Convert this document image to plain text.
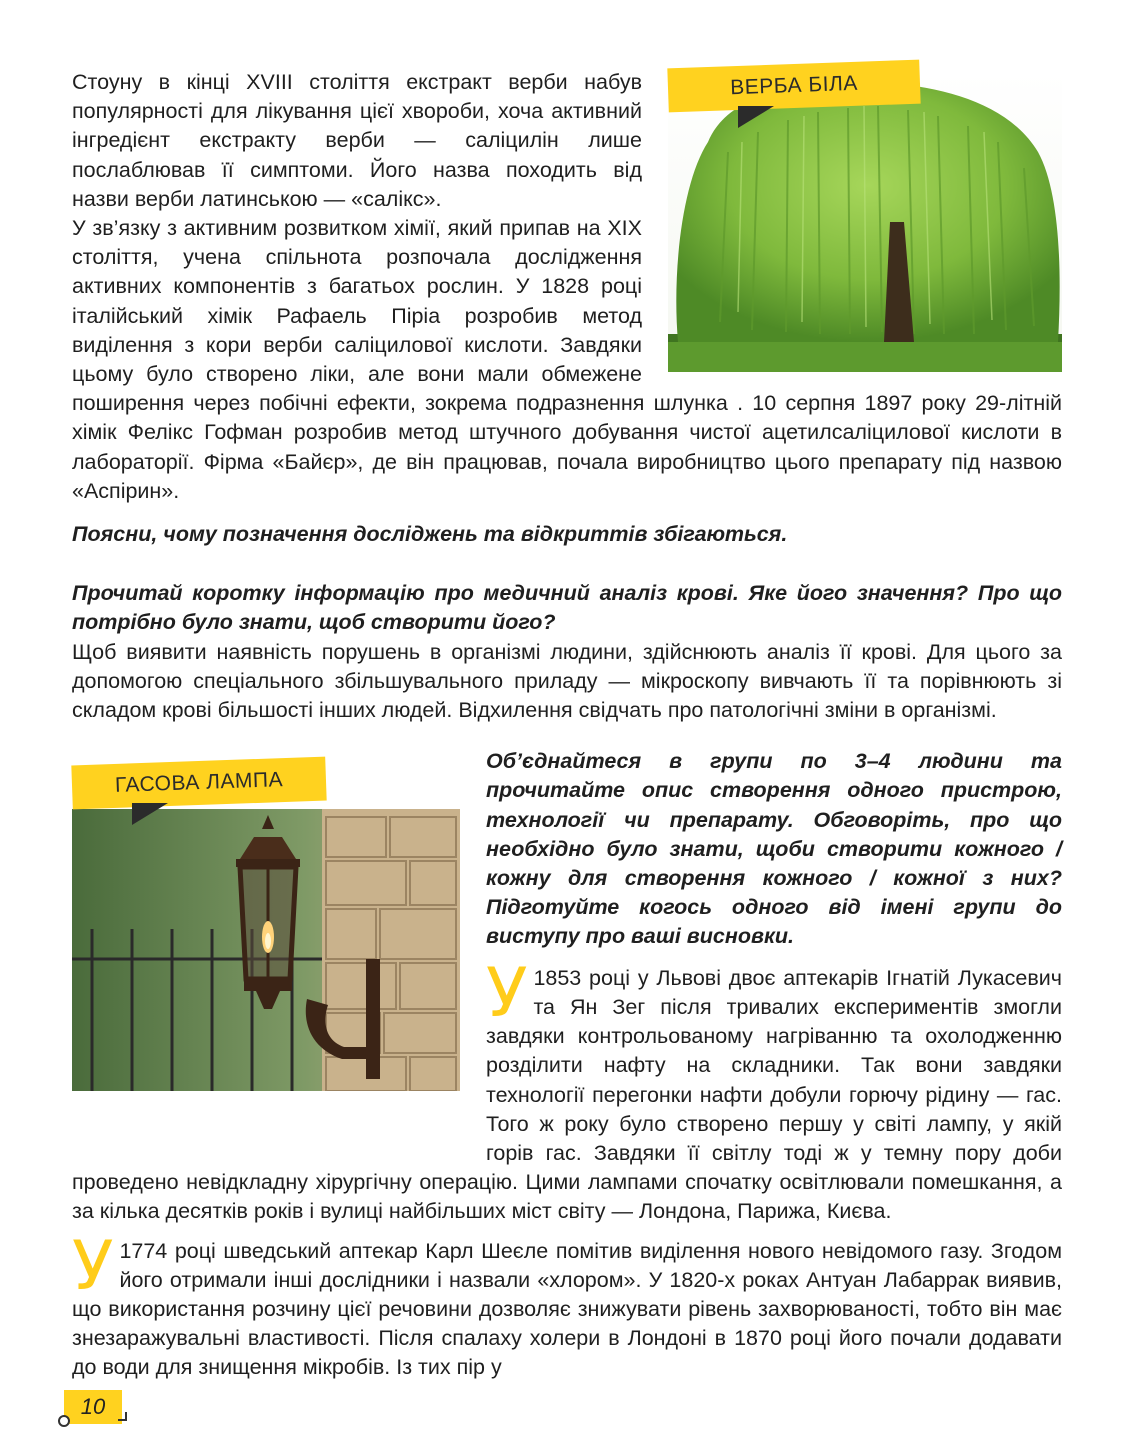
ВЕРБА БІЛА

Стоуну в кінці XVIII століття екстракт верби набув популярності для лікування цієї хвороби, хоча активний інгредієнт екстракту верби — саліцилін лише послаблював її симптоми. Його назва походить від назви верби латинською — «салікс».

У зв’язку з активним розвитком хімії, який припав на XIX століття, учена спільнота розпочала дослідження активних компонентів з багатьох рослин. У 1828 році італійський хімік Рафаель Піріа розробив метод виділення з кори верби саліцилової кислоти. Завдяки цьому було створено ліки, але вони мали обмежене поширення через побічні ефекти, зокрема подразнення шлунка . 10 серпня 1897 року 29-літній хімік Фелікс Гофман розробив метод штучного добування чистої ацетилсаліцилової кислоти в лабораторії. Фірма «Байєр», де він працював, почала виробництво цього препарату під назвою «Аспірин».

Поясни, чому позначення досліджень та відкриттів збігаються.

Прочитай коротку інформацію про медичний аналіз крові. Яке його значення? Про що потрібно було знати, щоб створити його?

Щоб виявити наявність порушень в організмі людини, здійснюють аналіз її крові. Для цього за допомогою спеціального збільшувального приладу — мікроскопу вивчають її та порівнюють зі складом крові більшості інших людей. Відхилення свідчать про патологічні зміни в організмі.

ГАСОВА ЛАМПА

Об’єднайтеся в групи по 3–4 людини та прочитайте опис створення одного пристрою, технології чи препарату. Обговоріть, про що необхідно було знати, щоби створити кожного / кожну для створення кожного / кожної з них? Підготуйте когось одного від імені групи до виступу про ваші висновки.

У 1853 році у Львові двоє аптекарів Ігнатій Лукасевич та Ян Зег після тривалих експериментів змогли завдяки контрольованому нагріванню та охолодженню розділити нафту на складники. Так вони завдяки технології перегонки нафти добули горючу рідину — гас. Того ж року було створено першу у світі лампу, у якій горів гас. Завдяки її світлу тоді ж у темну пору доби проведено невідкладну хірургічну операцію. Цими лампами спочатку освітлювали помешкання, а за кілька десятків років і вулиці найбільших міст світу — Лондона, Парижа, Києва.

У 1774 році шведський аптекар Карл Шеєле помітив виділення нового невідомого газу. Згодом його отримали інші дослідники і назвали «хлором». У 1820-х роках Антуан Лабаррак виявив, що використання розчину цієї речовини дозволяє знижувати рівень захворюваності, тобто він має знезаражувальні властивості. Після спалаху холери в Лондоні в 1870 році його почали додавати до води для знищення мікробів. Із тих пір у

10
